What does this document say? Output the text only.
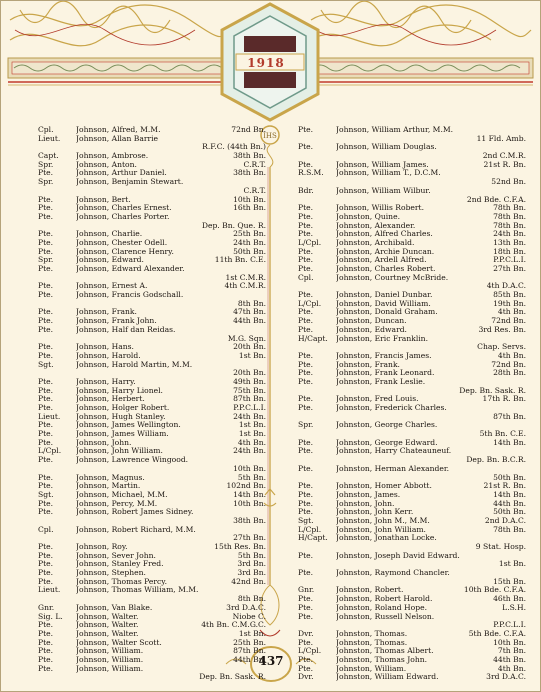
1918
IHS
437
Cpl.	Johnson, Alfred, M.M.	72nd Bn.
Lieut.	Johnson, Allan Barrie
R.F.C. (44th Bn.)
Capt.	Johnson, Ambrose.	38th Bn.
Spr.	Johnson, Anton.	C.R.T.
Pte.	Johnson, Arthur Daniel.	38th Bn.
Spr.	Johnson, Benjamin Stewart.
C.R.T.
Pte.	Johnson, Bert.	10th Bn.
Pte.	Johnson, Charles Ernest.	16th Bn.
Pte.	Johnson, Charles Porter.
Dep. Bn. Que. R.
Pte.	Johnson, Charlie.	25th Bn.
Pte.	Johnson, Chester Odell.	24th Bn.
Pte.	Johnson, Clarence Henry.	50th Bn.
Spr.	Johnson, Edward.	11th Bn. C.E.
Pte.	Johnson, Edward Alexander.
1st C.M.R.
Pte.	Johnson, Ernest A.	4th C.M.R.
Pte.	Johnson, Francis Godschall.
8th Bn.
Pte.	Johnson, Frank.	47th Bn.
Pte.	Johnson, Frank John.	44th Bn.
Pte.	Johnson, Half dan Reidas.
M.G. Sqn.
Pte.	Johnson, Hans.	20th Bn.
Pte.	Johnson, Harold.	1st Bn.
Sgt.	Johnson, Harold Martin, M.M.
20th Bn.
Pte.	Johnson, Harry.	49th Bn.
Pte.	Johnson, Harry Lionel.	75th Bn.
Pte.	Johnson, Herbert.	87th Bn.
Pte.	Johnson, Holger Robert.	P.P.C.L.I.
Lieut.	Johnson, Hugh Stanley.	24th Bn.
Pte.	Johnson, James Wellington.	1st Bn.
Pte.	Johnson, James William.	1st Bn.
Pte.	Johnson, John.	4th Bn.
L/Cpl.	Johnson, John William.	24th Bn.
Pte.	Johnson, Lawrence Wingood.
10th Bn.
Pte.	Johnson, Magnus.	5th Bn.
Pte.	Johnson, Martin.	102nd Bn.
Sgt.	Johnson, Michael, M.M.	14th Bn.
Pte.	Johnson, Percy, M.M.	10th Bn.
Pte.	Johnson, Robert James Sidney.
38th Bn.
Cpl.	Johnson, Robert Richard, M.M.
27th Bn.
Pte.	Johnson, Roy.	15th Res. Bn.
Pte.	Johnson, Sever John.	5th Bn.
Pte.	Johnson, Stanley Fred.	3rd Bn.
Pte.	Johnson, Stephen.	3rd Bn.
Pte.	Johnson, Thomas Percy.	42nd Bn.
Lieut.	Johnson, Thomas William, M.M.
8th Bn.
Gnr.	Johnson, Van Blake.	3rd D.A.C.
Sig. L.	Johnson, Walter.	Niobe C.
Pte.	Johnson, Walter.	4th Bn. C.M.G.C.
Pte.	Johnson, Walter.	1st Bn.
Pte.	Johnson, Walter Scott.	25th Bn.
Pte.	Johnson, William.	87th Bn.
Pte.	Johnson, William.	44th Bn.
Pte.	Johnson, William.
Dep. Bn. Sask. R.
Pte.	Johnson, William Arthur, M.M.
11 Fld. Amb.
Pte.	Johnson, William Douglas.
2nd C.M.R.
Pte.	Johnson, William James.	21st R. Bn.
R.S.M.	Johnson, William T., D.C.M.
52nd Bn.
Bdr.	Johnson, William Wilbur.
2nd Bde. C.F.A.
Pte.	Johnson, Willis Robert.	78th Bn.
Pte.	Johnston, Quine.	78th Bn.
Pte.	Johnston, Alexander.	78th Bn.
Pte.	Johnston, Alfred Charles.	24th Bn.
L/Cpl.	Johnston, Archibald.	13th Bn.
Pte.	Johnston, Archie Duncan.	18th Bn.
Pte.	Johnston, Ardell Alfred.	P.P.C.L.I.
Pte.	Johnston, Charles Robert.	27th Bn.
Cpl.	Johnston, Courtney McBride.
4th D.A.C.
Pte.	Johnston, Daniel Dunbar.	85th Bn.
L/Cpl.	Johnston, David William.	19th Bn.
Pte.	Johnston, Donald Graham.	4th Bn.
Pte.	Johnston, Duncan.	72nd Bn.
Pte.	Johnston, Edward.	3rd Res. Bn.
H/Capt.	Johnston, Eric Franklin.
Chap. Servs.
Pte.	Johnston, Francis James.	4th Bn.
Pte.	Johnston, Frank.	72nd Bn.
Pte.	Johnston, Frank Leonard.	28th Bn.
Pte.	Johnston, Frank Leslie.
Dep. Bn. Sask. R.
Pte.	Johnston, Fred Louis.	17th R. Bn.
Pte.	Johnston, Frederick Charles.
87th Bn.
Spr.	Johnston, George Charles.
5th Bn. C.E.
Pte.	Johnston, George Edward.	14th Bn.
Pte.	Johnston, Harry Chateauneuf.
Dep. Bn. B.C.R.
Pte.	Johnston, Herman Alexander.
50th Bn.
Pte.	Johnston, Homer Abbott.	21st R. Bn.
Pte.	Johnston, James.	14th Bn.
Pte.	Johnston, John.	44th Bn.
Pte.	Johnston, John Kerr.	50th Bn.
Sgt.	Johnston, John M., M.M.	2nd D.A.C.
L/Cpl.	Johnston, John William.	78th Bn.
H/Capt.	Johnston, Jonathan Locke.
9 Stat. Hosp.
Pte.	Johnston, Joseph David Edward.
1st Bn.
Pte.	Johnston, Raymond Chancler.
15th Bn.
Gnr.	Johnston, Robert.	10th Bde. C.F.A.
Pte.	Johnston, Robert Harold.	46th Bn.
Pte.	Johnston, Roland Hope.	L.S.H.
Pte.	Johnston, Russell Nelson.
P.P.C.L.I.
Dvr.	Johnston, Thomas.	5th Bde. C.F.A.
Pte.	Johnston, Thomas.	10th Bn.
L/Cpl.	Johnston, Thomas Albert.	7th Bn.
Pte.	Johnston, Thomas John.	44th Bn.
Pte.	Johnston, William.	4th Bn.
Dvr.	Johnston, William Edward.	3rd D.A.C.
